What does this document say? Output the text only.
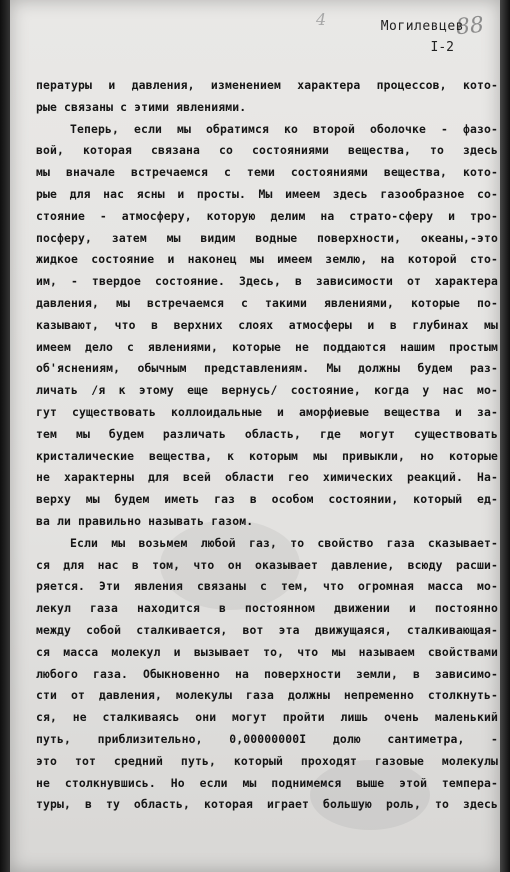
4	88
Могилевцев
I-2
пературы и давления, изменением характера процессов, кото-
рые связаны с этими явлениями.
Теперь, если мы обратимся ко второй оболочке - фазо-
вой, которая связана со состояниями вещества, то здесь
мы вначале встречаемся с теми состояниями вещества, кото-
рые для нас ясны и просты. Мы имеем здесь газообразное со-
стояние - атмосферу, которую делим на страто-сферу и тро-
посферу, затем мы видим водные поверхности, океаны,-это
жидкое состояние и наконец мы имеем землю, на которой сто-
им, - твердое состояние. Здесь, в зависимости от характера
давления, мы встречаемся с такими явлениями, которые по-
казывают, что в верхних слоях атмосферы и в глубинах мы
имеем дело с явлениями, которые не поддаются нашим простым
об'яснениям, обычным представлениям. Мы должны будем раз-
личать /я к этому еще вернусь/ состояние, когда у нас мо-
гут существовать коллоидальные и аморфиевые вещества и за-
тем мы будем различать область, где могут существовать
кристалические вещества, к которым мы привыкли, но которые
не характерны для всей области гео химических реакций. На-
верху мы будем иметь газ в особом состоянии, который ед-
ва ли правильно называть газом.
Если мы возьмем любой газ, то свойство газа сказывает-
ся для нас в том, что он оказывает давление, всюду расши-
ряется. Эти явления связаны с тем, что огромная масса мо-
лекул газа находится в постоянном движении и постоянно
между собой сталкивается, вот эта движущаяся, сталкивающая-
ся масса молекул и вызывает то, что мы называем свойствами
любого газа. Обыкновенно на поверхности земли, в зависимо-
сти от давления, молекулы газа должны непременно столкнуть-
ся, не сталкиваясь они могут пройти лишь очень маленький
путь, приблизительно, 0,00000000I долю сантиметра, -
это тот средний путь, который проходят газовые молекулы
не столкнувшись. Но если мы поднимемся выше этой темпера-
туры, в ту область, которая играет большую роль, то здесь
